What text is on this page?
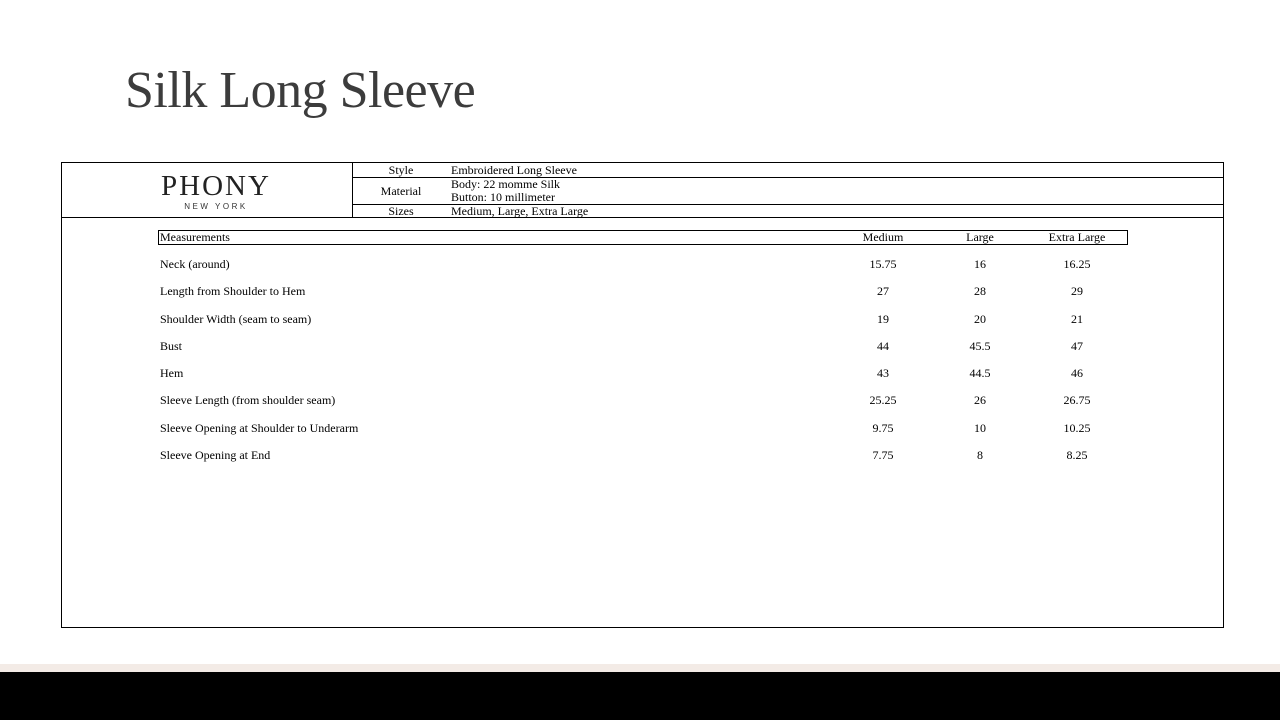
Silk Long Sleeve
PHONY
NEW YORK
Style	Embroidered Long Sleeve
Material	Body: 22 momme Silk
Button: 10 millimeter
Sizes	Medium, Large, Extra Large
Measurements	Medium	Large	Extra Large
Neck (around)	15.75	16	16.25
Length from Shoulder to Hem	27	28	29
Shoulder Width (seam to seam)	19	20	21
Bust	44	45.5	47
Hem	43	44.5	46
Sleeve Length (from shoulder seam)	25.25	26	26.75
Sleeve Opening at Shoulder to Underarm	9.75	10	10.25
Sleeve Opening at End	7.75	8	8.25
